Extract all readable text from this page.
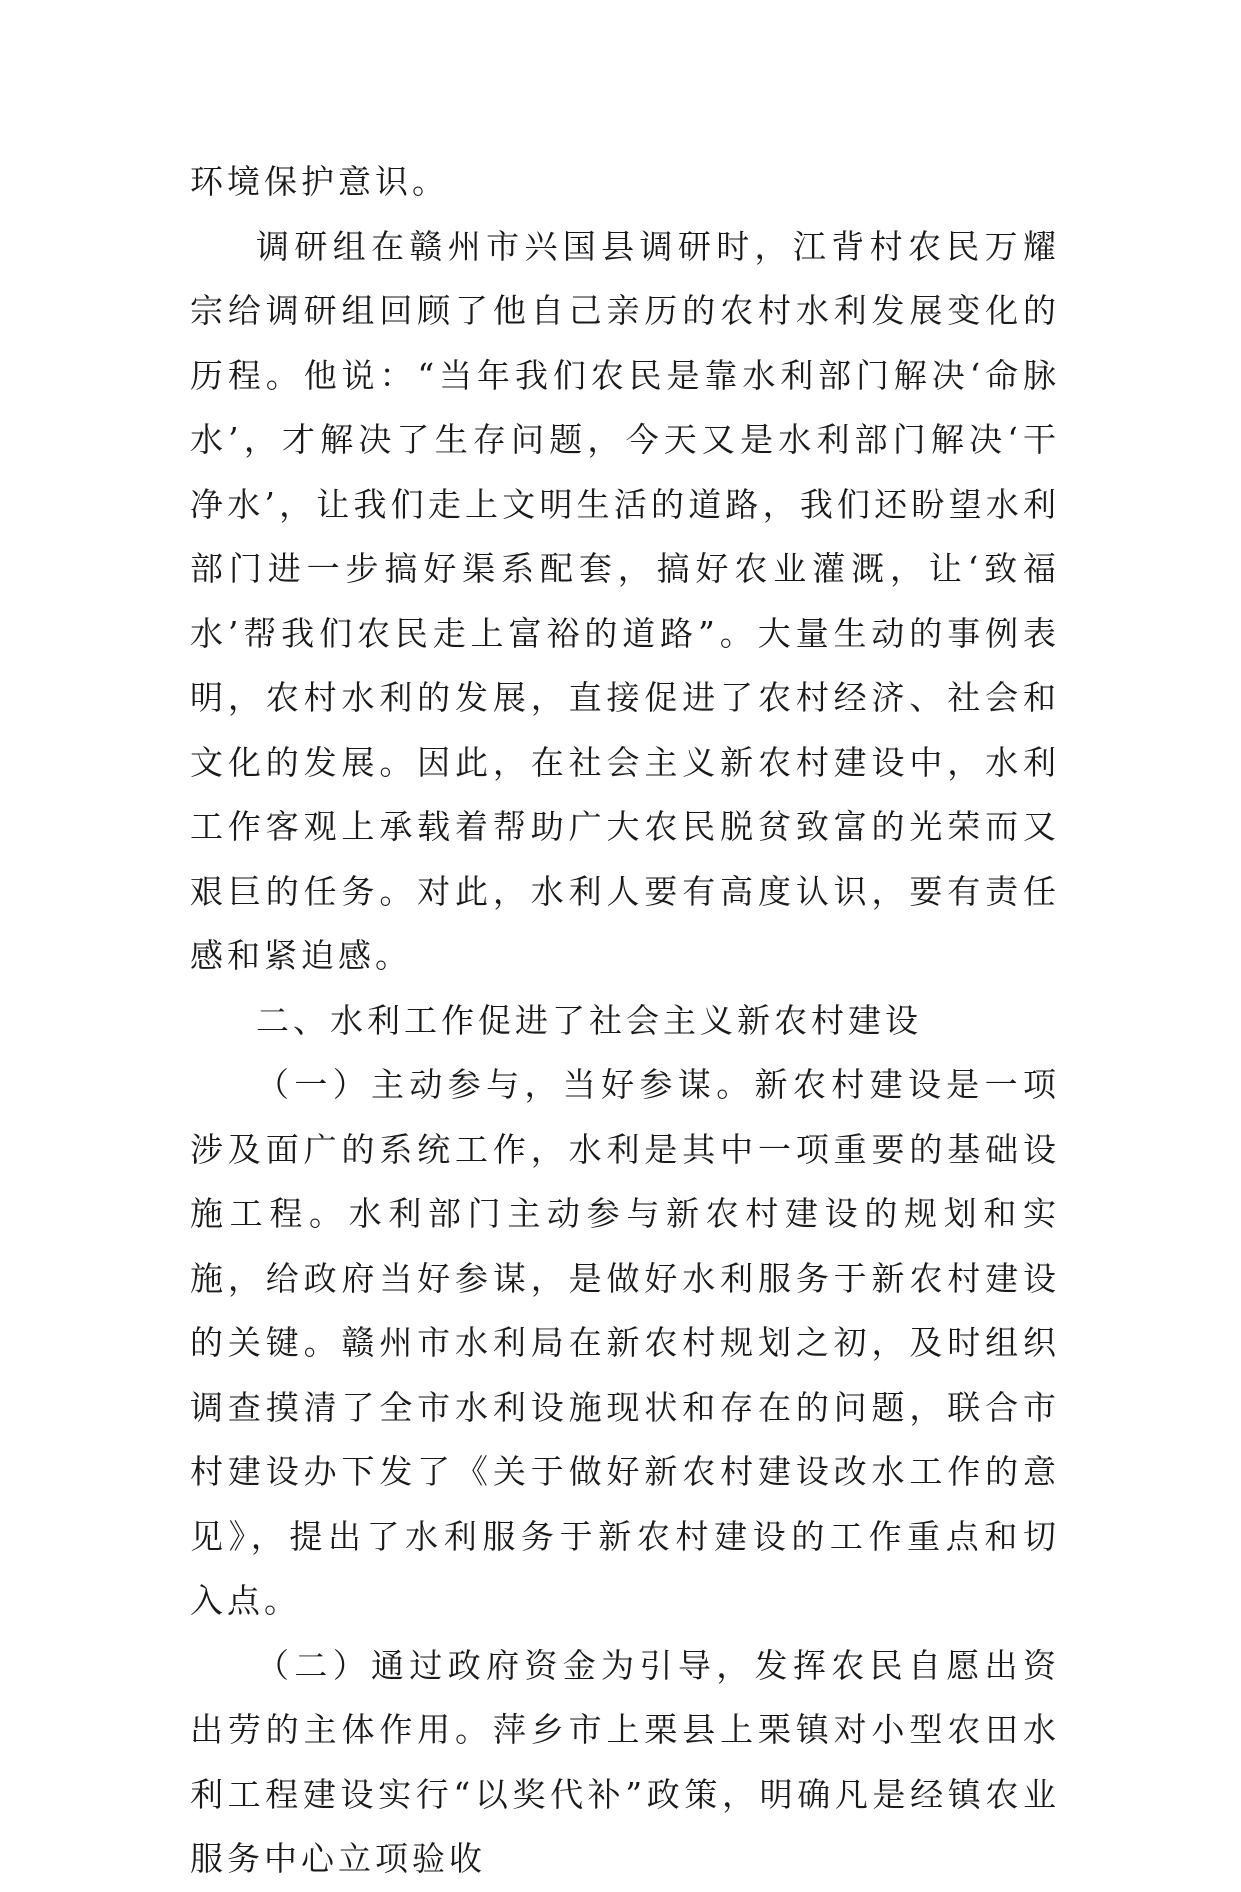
环境保护意识。

调研组在赣州市兴国县调研时，江背村农民万耀宗给调研组回顾了他自己亲历的农村水利发展变化的历程。他说：“当年我们农民是靠水利部门解决‘命脉水’，才解决了生存问题，今天又是水利部门解决‘干净水’，让我们走上文明生活的道路，我们还盼望水利部门进一步搞好渠系配套，搞好农业灌溉，让‘致福水’帮我们农民走上富裕的道路”。大量生动的事例表明，农村水利的发展，直接促进了农村经济、社会和文化的发展。因此，在社会主义新农村建设中，水利工作客观上承载着帮助广大农民脱贫致富的光荣而又艰巨的任务。对此，水利人要有高度认识，要有责任感和紧迫感。

二、水利工作促进了社会主义新农村建设

（一）主动参与，当好参谋。新农村建设是一项涉及面广的系统工作，水利是其中一项重要的基础设施工程。水利部门主动参与新农村建设的规划和实施，给政府当好参谋，是做好水利服务于新农村建设的关键。赣州市水利局在新农村规划之初，及时组织调查摸清了全市水利设施现状和存在的问题，联合市村建设办下发了《关于做好新农村建设改水工作的意见》，提出了水利服务于新农村建设的工作重点和切入点。

（二）通过政府资金为引导，发挥农民自愿出资出劳的主体作用。萍乡市上栗县上栗镇对小型农田水利工程建设实行“以奖代补”政策，明确凡是经镇农业服务中心立项验收
